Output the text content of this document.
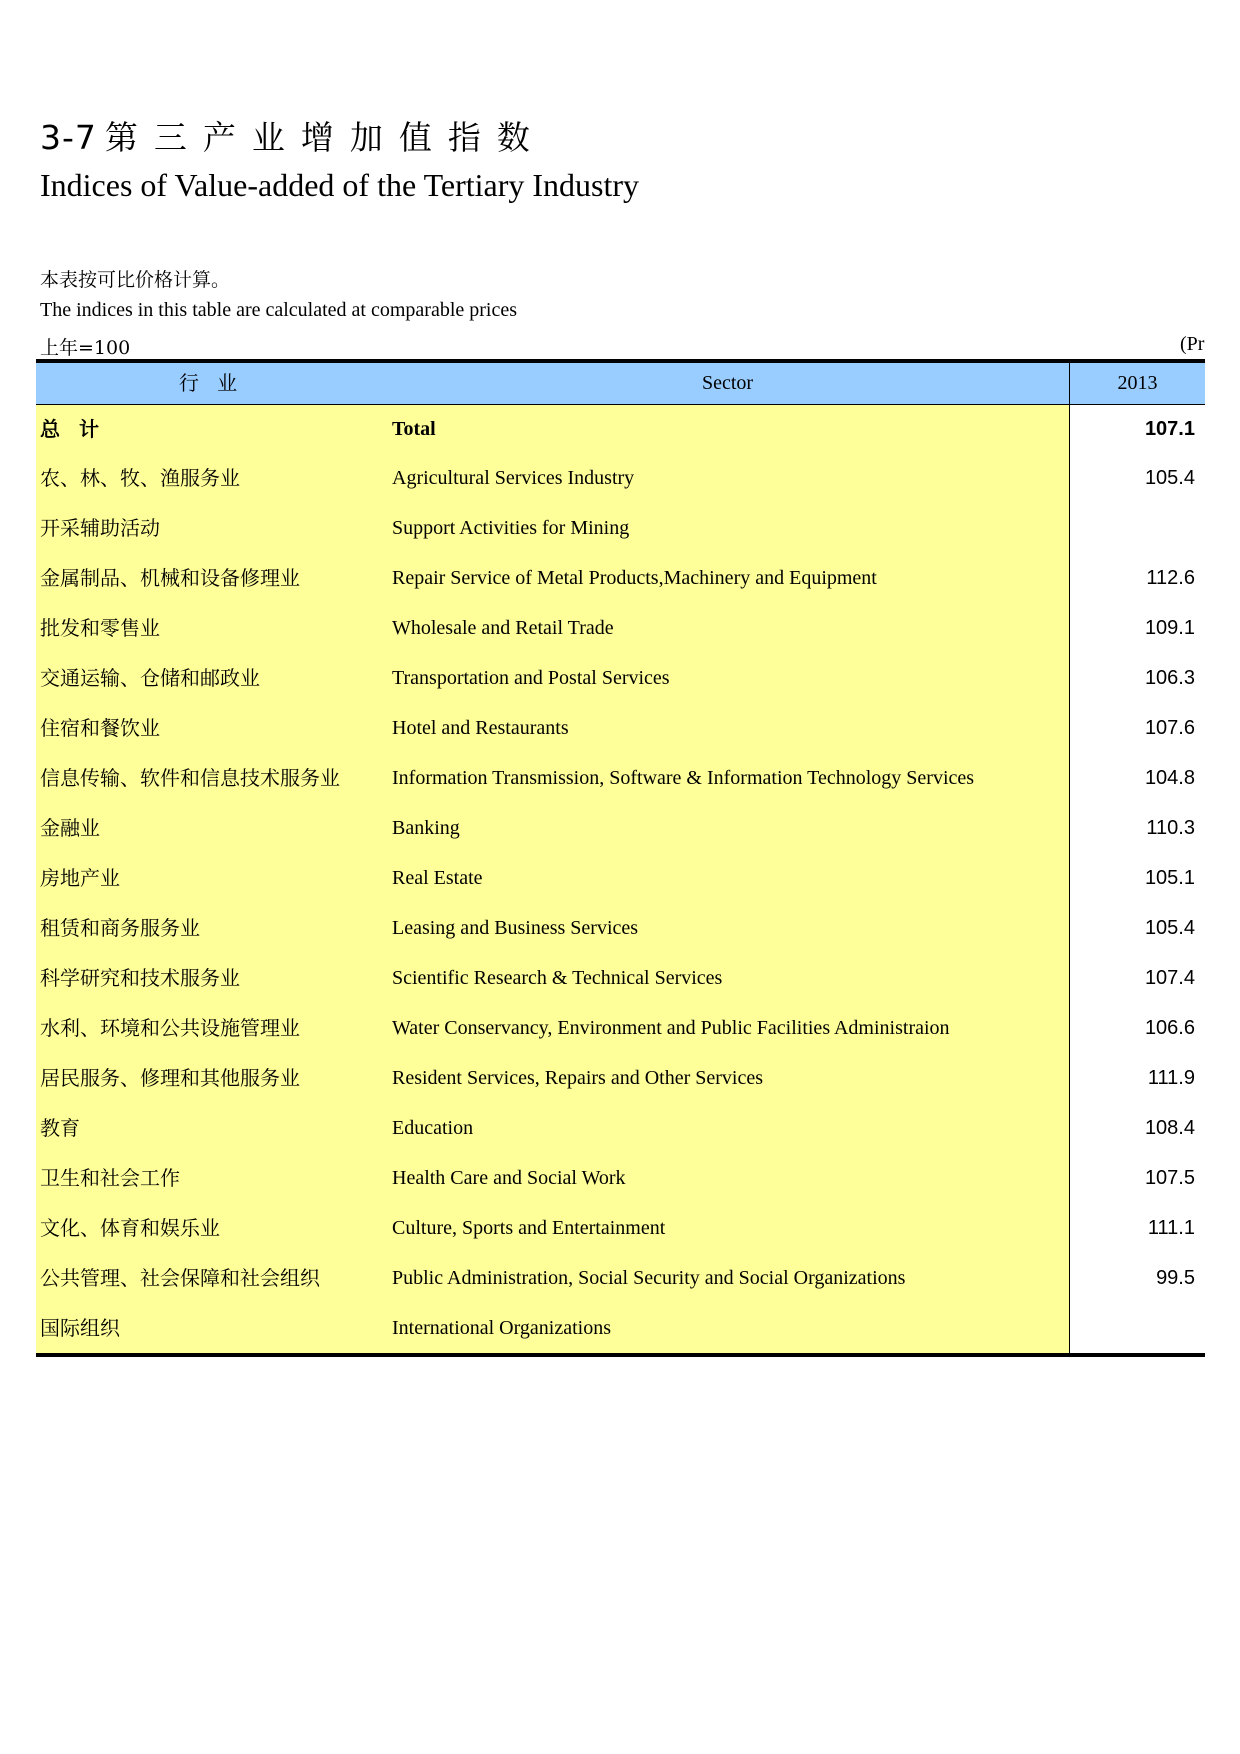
3-7 第三产业增加值指数
Indices of Value-added of the Tertiary Industry
本表按可比价格计算。
The indices in this table are calculated at comparable prices
上年=100	(Pr
行 业	Sector	2013
总 计	Total	107.1
农、林、牧、渔服务业	Agricultural Services Industry	105.4
开采辅助活动	Support Activities for Mining
金属制品、机械和设备修理业	Repair Service of Metal Products,Machinery and Equipment	112.6
批发和零售业	Wholesale and Retail Trade	109.1
交通运输、仓储和邮政业	Transportation and Postal Services	106.3
住宿和餐饮业	Hotel and Restaurants	107.6
信息传输、软件和信息技术服务业	Information Transmission, Software & Information Technology Services	104.8
金融业	Banking	110.3
房地产业	Real Estate	105.1
租赁和商务服务业	Leasing and Business Services	105.4
科学研究和技术服务业	Scientific Research & Technical Services	107.4
水利、环境和公共设施管理业	Water Conservancy, Environment and Public Facilities Administraion	106.6
居民服务、修理和其他服务业	Resident Services, Repairs and Other Services	111.9
教育	Education	108.4
卫生和社会工作	Health Care and Social Work	107.5
文化、体育和娱乐业	Culture, Sports and Entertainment	111.1
公共管理、社会保障和社会组织	Public Administration, Social Security and Social Organizations	99.5
国际组织	International Organizations
